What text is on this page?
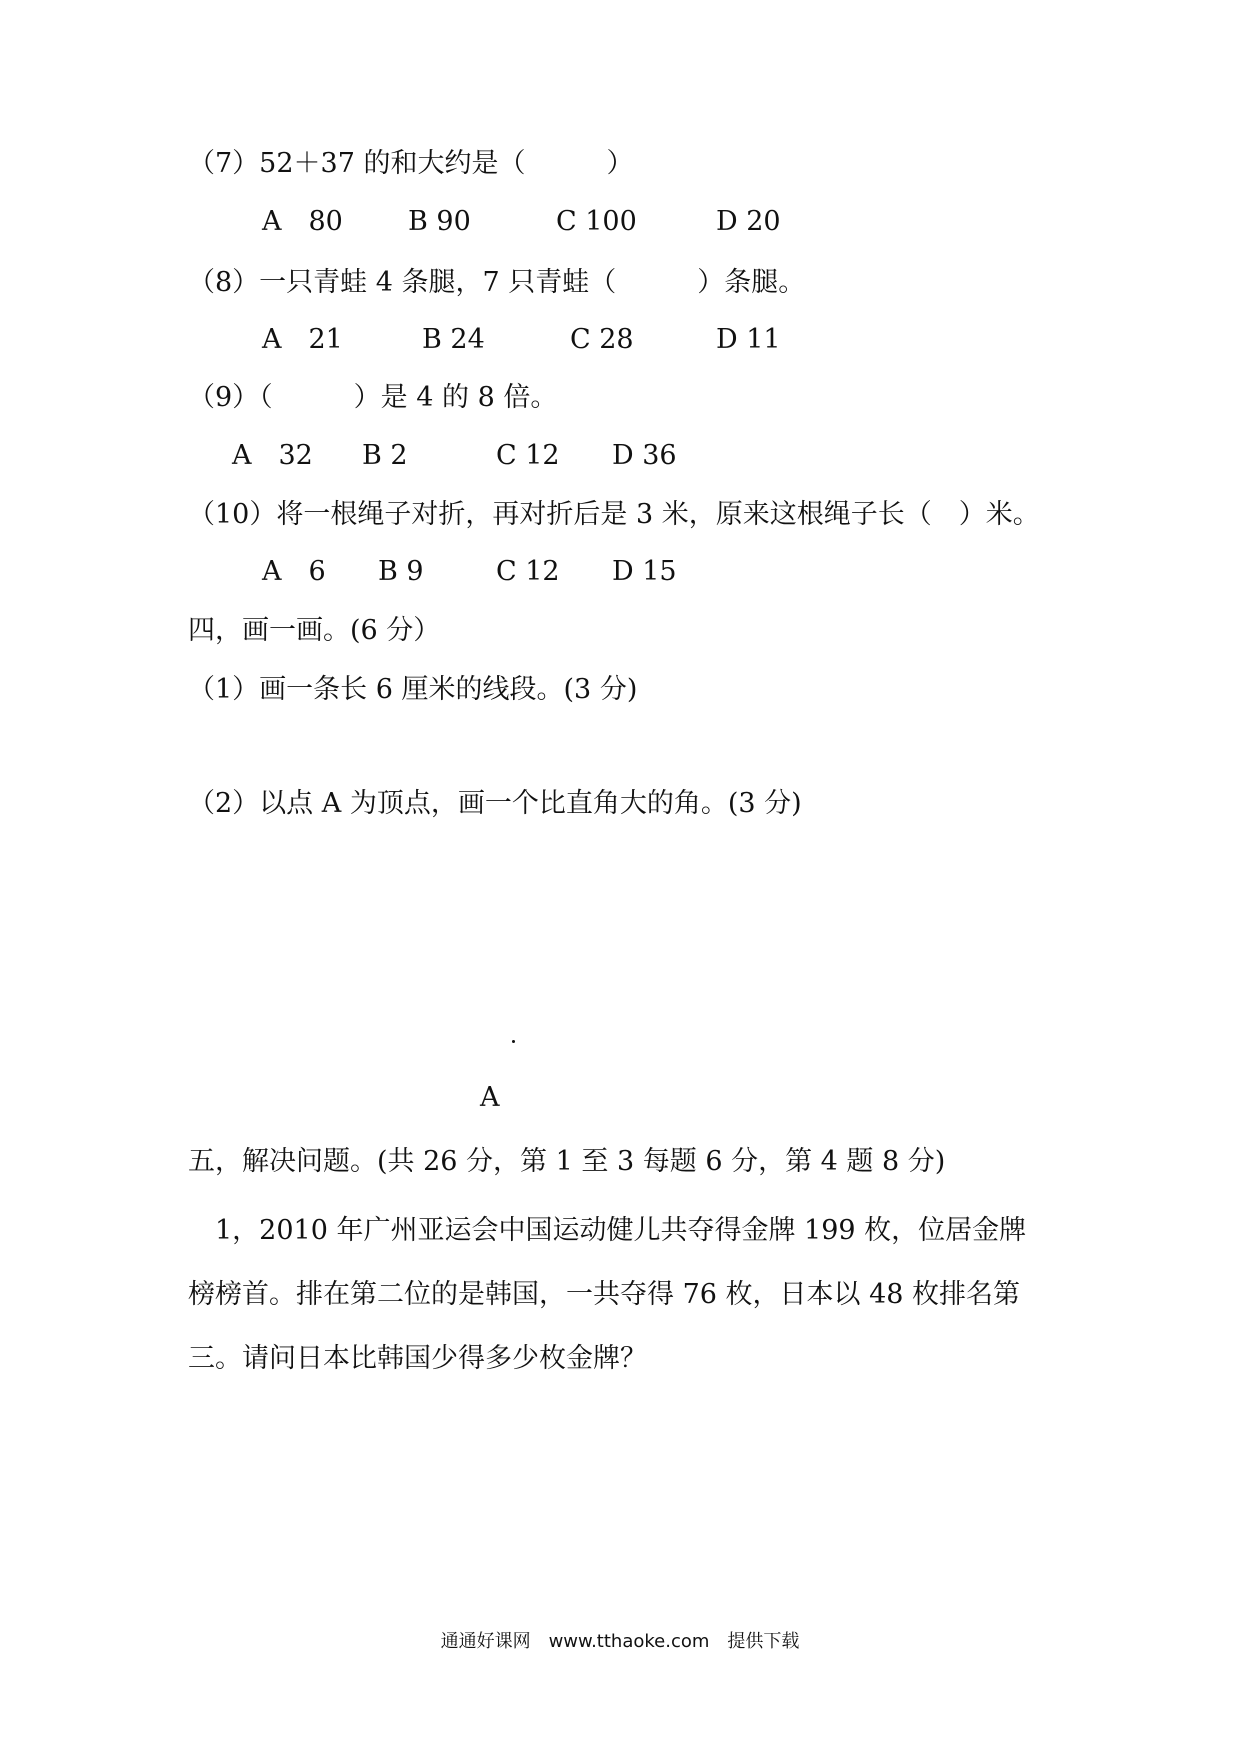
（7）52＋37 的和大约是（　　　）
A　80 B 90	C 100	D 20
（8）一只青蛙 4 条腿，7 只青蛙（　　　）条腿。
A　21	B 24	C 28	D 11
（9）（　　　）是 4 的 8 倍。
A　32 B 2	C 12 D 36
（10）将一根绳子对折，再对折后是 3 米，原来这根绳子长（　）米。
A　6 B 9	C 12 D 15
四，画一画。(6 分）
（1）画一条长 6 厘米的线段。(3 分)
（2）以点 A 为顶点，画一个比直角大的角。(3 分)
A
五，解决问题。(共 26 分，第 1 至 3 每题 6 分，第 4 题 8 分)
　1，2010 年广州亚运会中国运动健儿共夺得金牌 199 枚，位居金牌
榜榜首。排在第二位的是韩国，一共夺得 76 枚，日本以 48 枚排名第
三。请问日本比韩国少得多少枚金牌？
通通好课网　www.tthaoke.com　提供下载
